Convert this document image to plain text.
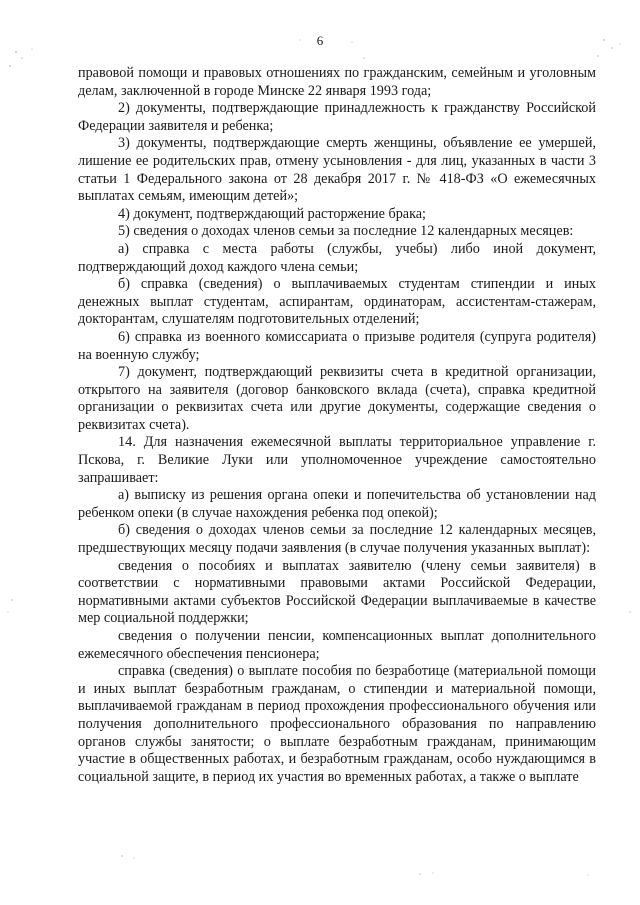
6

правовой помощи и правовых отношениях по гражданским, семейным и уголовным делам, заключенной в городе Минске 22 января 1993 года;

2) документы, подтверждающие принадлежность к гражданству Российской Федерации заявителя и ребенка;

3) документы, подтверждающие смерть женщины, объявление ее умершей, лишение ее родительских прав, отмену усыновления - для лиц, указанных в части 3 статьи 1 Федерального закона от 28 декабря 2017 г. № 418-ФЗ «О ежемесячных выплатах семьям, имеющим детей»;

4) документ, подтверждающий расторжение брака;

5) сведения о доходах членов семьи за последние 12 календарных месяцев:

а) справка с места работы (службы, учебы) либо иной документ, подтверждающий доход каждого члена семьи;

б) справка (сведения) о выплачиваемых студентам стипендии и иных денежных выплат студентам, аспирантам, ординаторам, ассистентам-стажерам, докторантам, слушателям подготовительных отделений;

6) справка из военного комиссариата о призыве родителя (супруга родителя) на военную службу;

7) документ, подтверждающий реквизиты счета в кредитной организации, открытого на заявителя (договор банковского вклада (счета), справка кредитной организации о реквизитах счета или другие документы, содержащие сведения о реквизитах счета).

14. Для назначения ежемесячной выплаты территориальное управление г. Пскова, г. Великие Луки или уполномоченное учреждение самостоятельно запрашивает:

а) выписку из решения органа опеки и попечительства об установлении над ребенком опеки (в случае нахождения ребенка под опекой);

б) сведения о доходах членов семьи за последние 12 календарных месяцев, предшествующих месяцу подачи заявления (в случае получения указанных выплат):

сведения о пособиях и выплатах заявителю (члену семьи заявителя) в соответствии с нормативными правовыми актами Российской Федерации, нормативными актами субъектов Российской Федерации выплачиваемые в качестве мер социальной поддержки;

сведения о получении пенсии, компенсационных выплат дополнительного ежемесячного обеспечения пенсионера;

справка (сведения) о выплате пособия по безработице (материальной помощи и иных выплат безработным гражданам, о стипендии и материальной помощи, выплачиваемой гражданам в период прохождения профессионального обучения или получения дополнительного профессионального образования по направлению органов службы занятости; о выплате безработным гражданам, принимающим участие в общественных работах, и безработным гражданам, особо нуждающимся в социальной защите, в период их участия во временных работах, а также о выплате
